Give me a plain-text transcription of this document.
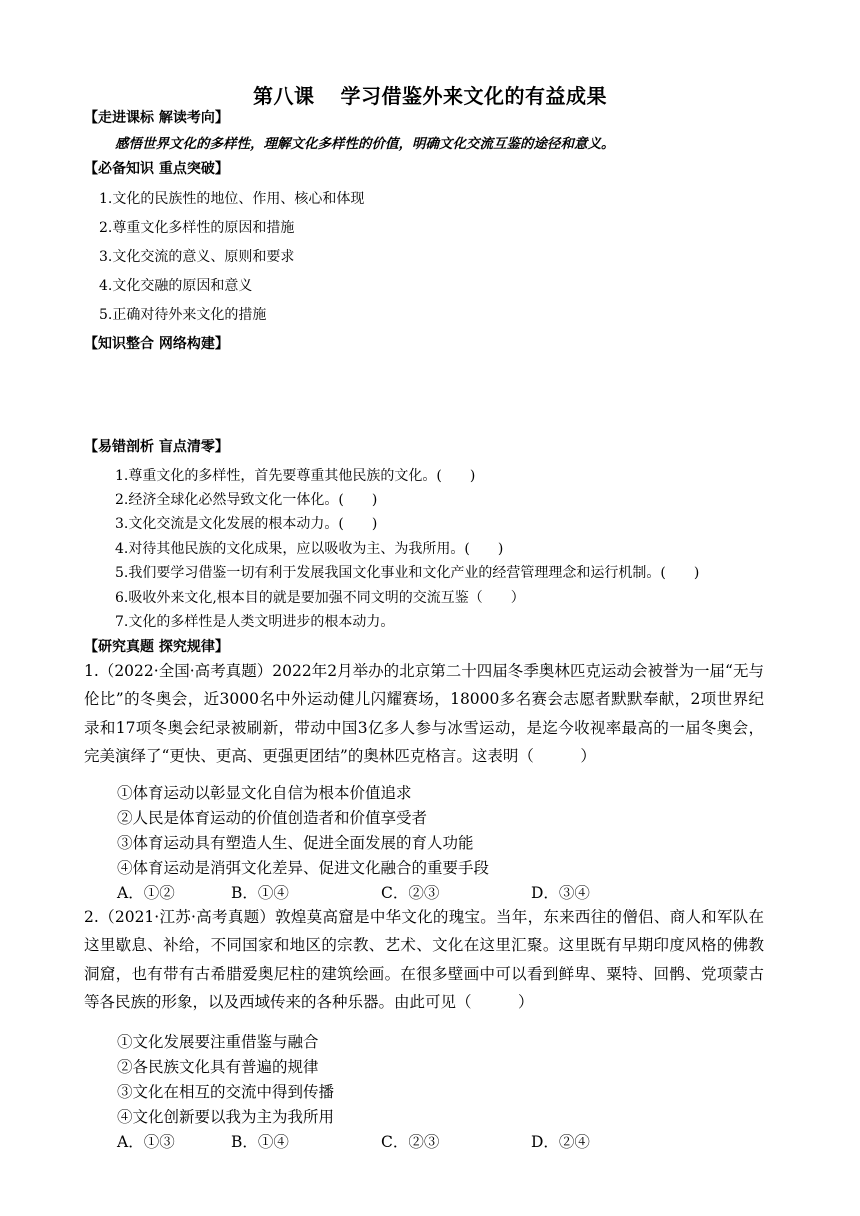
第八课 学习借鉴外来文化的有益成果
【走进课标 解读考向】
感悟世界文化的多样性，理解文化多样性的价值，明确文化交流互鉴的途径和意义。
【必备知识 重点突破】
1.文化的民族性的地位、作用、核心和体现
2.尊重文化多样性的原因和措施
3.文化交流的意义、原则和要求
4.文化交融的原因和意义
5.正确对待外来文化的措施
【知识整合 网络构建】
【易错剖析 盲点清零】
1.尊重文化的多样性，首先要尊重其他民族的文化。(　　)
2.经济全球化必然导致文化一体化。(　　)
3.文化交流是文化发展的根本动力。(　　)
4.对待其他民族的文化成果，应以吸收为主、为我所用。(　　)
5.我们要学习借鉴一切有利于发展我国文化事业和文化产业的经营管理理念和运行机制。(　　)
6.吸收外来文化,根本目的就是要加强不同文明的交流互鉴（　　）
7.文化的多样性是人类文明进步的根本动力。
【研究真题 探究规律】
1.（2022·全国·高考真题）2022年2月举办的北京第二十四届冬季奥林匹克运动会被誉为一届“无与伦比”的冬奥会，近3000名中外运动健儿闪耀赛场，18000多名赛会志愿者默默奉献，2项世界纪录和17项冬奥会纪录被刷新，带动中国3亿多人参与冰雪运动，是迄今收视率最高的一届冬奥会，完美演绎了“更快、更高、更强更团结”的奥林匹克格言。这表明（　　　）
①体育运动以彰显文化自信为根本价值追求
②人民是体育运动的价值创造者和价值享受者
③体育运动具有塑造人生、促进全面发展的育人功能
④体育运动是消弭文化差异、促进文化融合的重要手段
A．①②	B．①④	C．②③	D．③④
2.（2021·江苏·高考真题）敦煌莫高窟是中华文化的瑰宝。当年，东来西往的僧侣、商人和军队在这里歇息、补给，不同国家和地区的宗教、艺术、文化在这里汇聚。这里既有早期印度风格的佛教洞窟，也有带有古希腊爱奥尼柱的建筑绘画。在很多壁画中可以看到鲜卑、粟特、回鹘、党项蒙古等各民族的形象，以及西域传来的各种乐器。由此可见（　　　）
①文化发展要注重借鉴与融合
②各民族文化具有普遍的规律
③文化在相互的交流中得到传播
④文化创新要以我为主为我所用
A．①③	B．①④	C．②③	D．②④
